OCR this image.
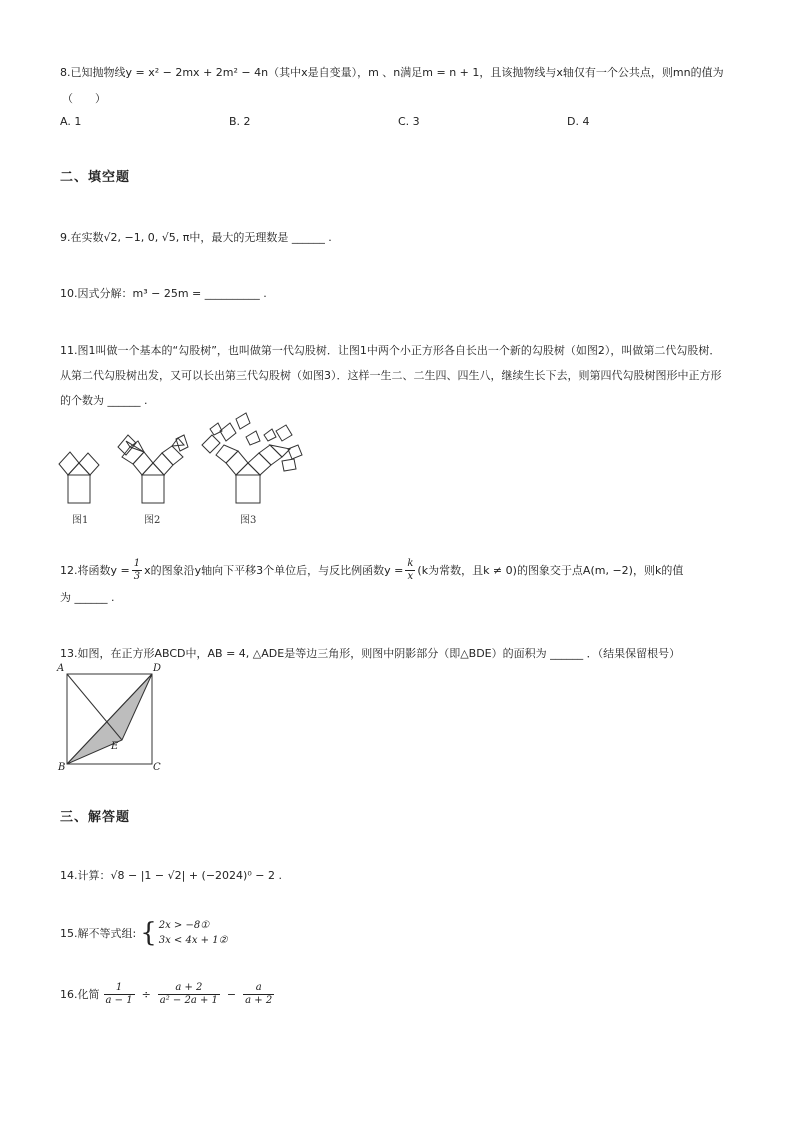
8.已知抛物线y = x² − 2mx + 2m² − 4n（其中x是自变量），m 、n满足m = n + 1，且该抛物线与x轴仅有一个公共点，则mn的值为
（　　）
A. 1	B. 2	C. 3	D. 4
二、填空题
9.在实数√2, −1, 0, √5, π中，最大的无理数是 ______ .
10.因式分解：m³ − 25m = __________ .
11.图1叫做一个基本的“勾股树”，也叫做第一代勾股树．让图1中两个小正方形各自长出一个新的勾股树（如图2），叫做第二代勾股树．
从第二代勾股树出发，又可以长出第三代勾股树（如图3）．这样一生二、二生四、四生八，继续生长下去，则第四代勾股树图形中正方形
的个数为 ______ .
图1	图2	图3
12.将函数$y = \frac{1}{3}$ x的图象沿y轴向下平移3个单位后，与反比例函数$y = \frac{k}{x} (k$为常数，且k ≠ 0)的图象交于点A(m, −2)，则k的值
为 ______ .
13.如图，在正方形ABCD中，AB = 4, △ADE是等边三角形，则图中阴影部分（即△BDE）的面积为 ______ ．（结果保留根号）
A	D
B	C
E
三、解答题
14.计算：√8 − |1 − √2| + (−2024)⁰ − 2 .
15.解不等式组: { 2x > −8①
3x < 4x + 1②
16.化简 $\frac{1}{a - 1} \div \frac{a + 2}{\text{a² − 2a + 1}} - \frac{a}{a + 2}$
